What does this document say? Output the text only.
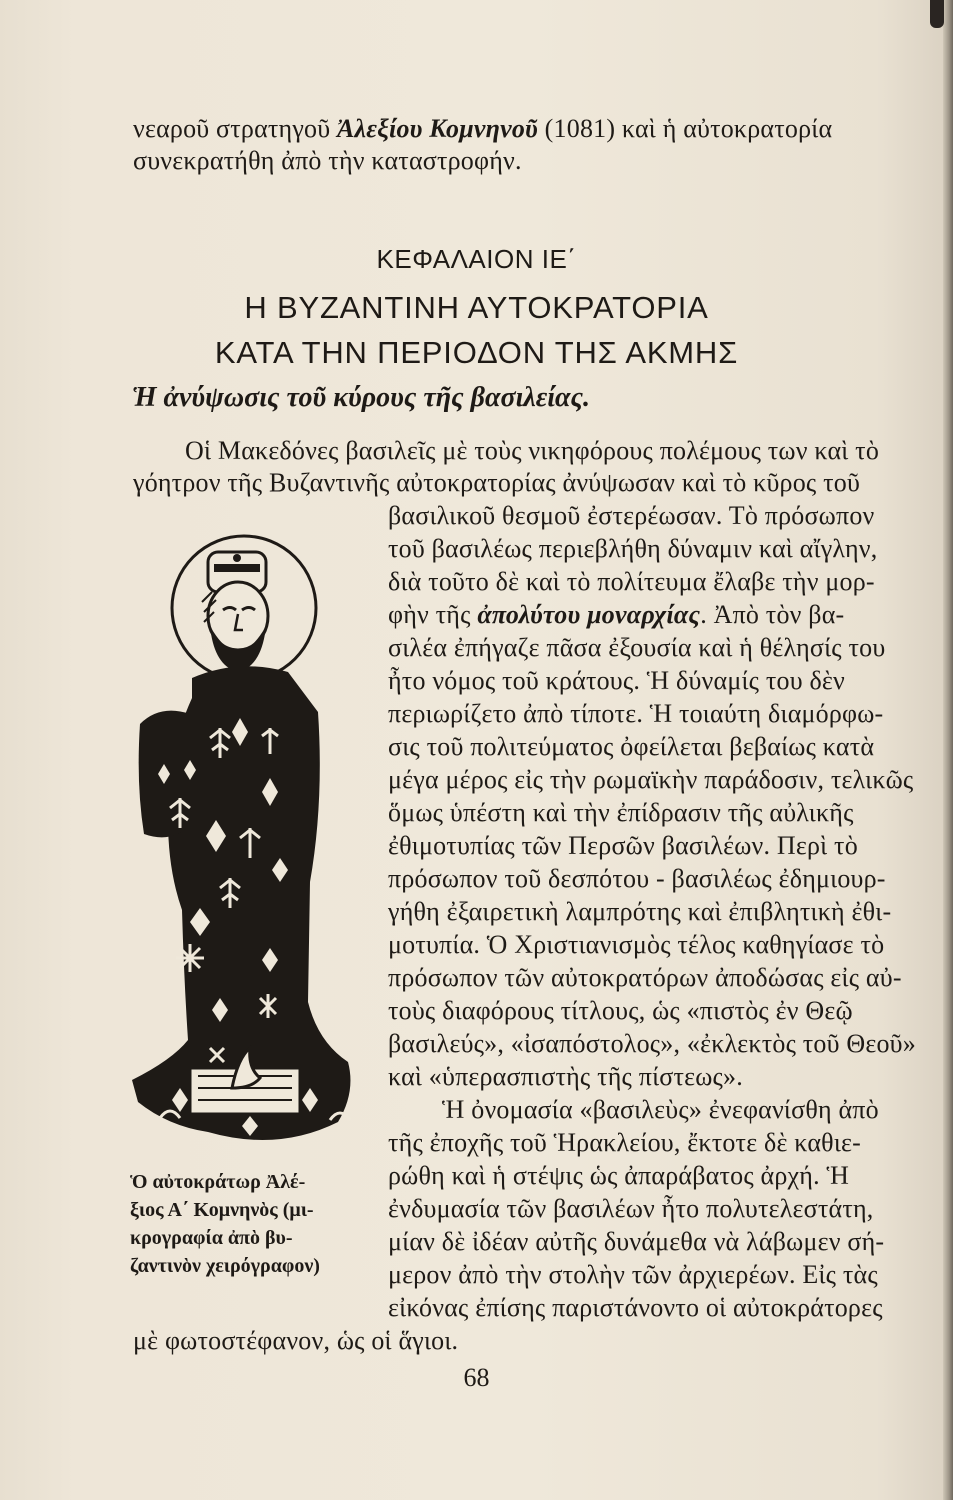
νεαροῦ στρατηγοῦ Ἀλεξίου Κομνηνοῦ (1081) καὶ ἡ αὐτοκρατορία
συνεκρατήθη ἀπὸ τὴν καταστροφήν.
ΚΕΦΑΛΑΙΟΝ ΙΕ΄
Η ΒΥΖΑΝΤΙΝΗ ΑΥΤΟΚΡΑΤΟΡΙΑ
ΚΑΤΑ ΤΗΝ ΠΕΡΙΟΔΟΝ ΤΗΣ ΑΚΜΗΣ
Ἡ ἀνύψωσις τοῦ κύρους τῆς βασιλείας.
Οἱ Μακεδόνες βασιλεῖς μὲ τοὺς νικηφόρους πολέμους των καὶ τὸ
γόητρον τῆς Βυζαντινῆς αὐτοκρατορίας ἀνύψωσαν καὶ τὸ κῦρος τοῦ
βασιλικοῦ θεσμοῦ ἐστερέωσαν. Τὸ πρόσωπον
τοῦ βασιλέως περιεβλήθη δύναμιν καὶ αἴγλην,
διὰ τοῦτο δὲ καὶ τὸ πολίτευμα ἔλαβε τὴν μορ-
φὴν τῆς ἀπολύτου μοναρχίας. Ἀπὸ τὸν βα-
σιλέα ἐπήγαζε πᾶσα ἐξουσία καὶ ἡ θέλησίς του
ἦτο νόμος τοῦ κράτους. Ἡ δύναμίς του δὲν
περιωρίζετο ἀπὸ τίποτε. Ἡ τοιαύτη διαμόρφω-
σις τοῦ πολιτεύματος ὀφείλεται βεβαίως κατὰ
μέγα μέρος εἰς τὴν ρωμαϊκὴν παράδοσιν, τελικῶς
ὅμως ὑπέστη καὶ τὴν ἐπίδρασιν τῆς αὐλικῆς
ἐθιμοτυπίας τῶν Περσῶν βασιλέων. Περὶ τὸ
πρόσωπον τοῦ δεσπότου - βασιλέως ἐδημιουρ-
γήθη ἐξαιρετικὴ λαμπρότης καὶ ἐπιβλητικὴ ἐθι-
μοτυπία. Ὁ Χριστιανισμὸς τέλος καθηγίασε τὸ
πρόσωπον τῶν αὐτοκρατόρων ἀποδώσας εἰς αὐ-
τοὺς διαφόρους τίτλους, ὡς «πιστὸς ἐν Θεῷ
βασιλεύς», «ἰσαπόστολος», «ἐκλεκτὸς τοῦ Θεοῦ»
καὶ «ὑπερασπιστὴς τῆς πίστεως».
Ἡ ὀνομασία «βασιλεὺς» ἐνεφανίσθη ἀπὸ
τῆς ἐποχῆς τοῦ Ἡρακλείου, ἔκτοτε δὲ καθιε-
ρώθη καὶ ἡ στέψις ὡς ἀπαράβατος ἀρχή. Ἡ
ἐνδυμασία τῶν βασιλέων ἦτο πολυτελεστάτη,
μίαν δὲ ἰδέαν αὐτῆς δυνάμεθα νὰ λάβωμεν σή-
μερον ἀπὸ τὴν στολὴν τῶν ἀρχιερέων. Εἰς τὰς
εἰκόνας ἐπίσης παριστάνοντο οἱ αὐτοκράτορες
μὲ φωτοστέφανον, ὡς οἱ ἅγιοι.
Ὁ αὐτοκράτωρ Ἀλέ-
ξιος Α΄ Κομνηνὸς (μι-
κρογραφία ἀπὸ βυ-
ζαντινὸν χειρόγραφον)
68
